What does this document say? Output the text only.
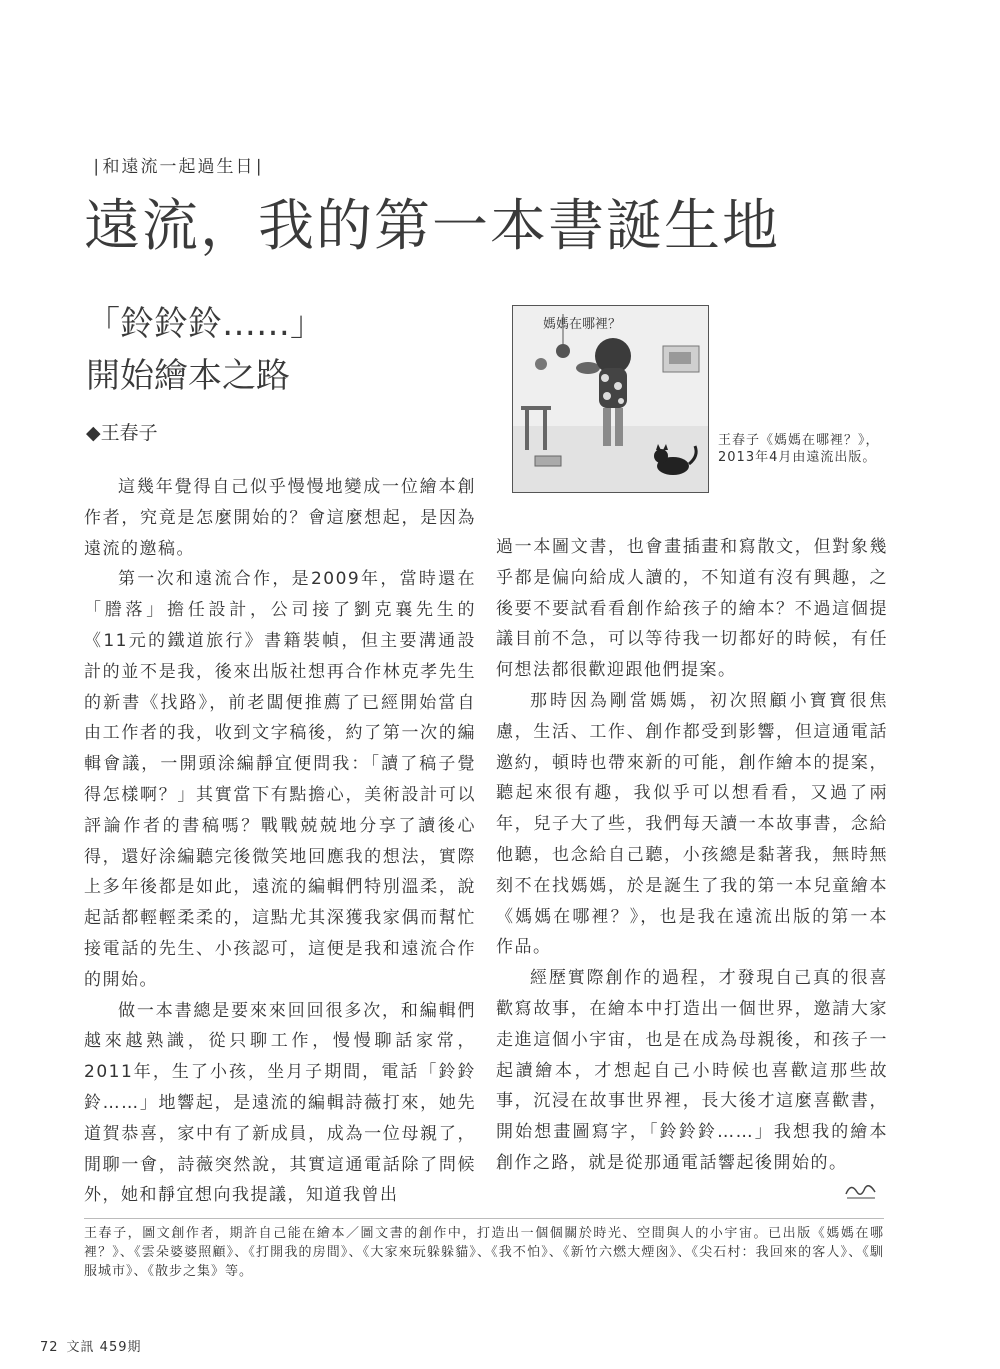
∣和遠流一起過生日∣
遠流，我的第一本書誕生地
「鈴鈴鈴……」
開始繪本之路
◆王春子
媽媽在哪裡？
王春子《媽媽在哪裡？》，2013年4月由遠流出版。

這幾年覺得自己似乎慢慢地變成一位繪本創作者，究竟是怎麼開始的？會這麼想起，是因為遠流的邀稿。

第一次和遠流合作，是2009年，當時還在「謄落」擔任設計，公司接了劉克襄先生的《11元的鐵道旅行》書籍裝幀，但主要溝通設計的並不是我，後來出版社想再合作林克孝先生的新書《找路》，前老闆便推薦了已經開始當自由工作者的我，收到文字稿後，約了第一次的編輯會議，一開頭涂編靜宜便問我：「讀了稿子覺得怎樣啊？」其實當下有點擔心，美術設計可以評論作者的書稿嗎？戰戰兢兢地分享了讀後心得，還好涂編聽完後微笑地回應我的想法，實際上多年後都是如此，遠流的編輯們特別溫柔，說起話都輕輕柔柔的，這點尤其深獲我家偶而幫忙接電話的先生、小孩認可，這便是我和遠流合作的開始。

做一本書總是要來來回回很多次，和編輯們越來越熟識，從只聊工作，慢慢聊話家常，2011年，生了小孩，坐月子期間，電話「鈴鈴鈴……」地響起，是遠流的編輯詩薇打來，她先道賀恭喜，家中有了新成員，成為一位母親了，閒聊一會，詩薇突然說，其實這通電話除了問候外，她和靜宜想向我提議，知道我曾出

過一本圖文書，也會畫插畫和寫散文，但對象幾乎都是偏向給成人讀的，不知道有沒有興趣，之後要不要試看看創作給孩子的繪本？不過這個提議目前不急，可以等待我一切都好的時候，有任何想法都很歡迎跟他們提案。

那時因為剛當媽媽，初次照顧小寶寶很焦慮，生活、工作、創作都受到影響，但這通電話邀約，頓時也帶來新的可能，創作繪本的提案，聽起來很有趣，我似乎可以想看看，又過了兩年，兒子大了些，我們每天讀一本故事書，念給他聽，也念給自己聽，小孩總是黏著我，無時無刻不在找媽媽，於是誕生了我的第一本兒童繪本《媽媽在哪裡？》，也是我在遠流出版的第一本作品。

經歷實際創作的過程，才發現自己真的很喜歡寫故事，在繪本中打造出一個世界，邀請大家走進這個小宇宙，也是在成為母親後，和孩子一起讀繪本，才想起自己小時候也喜歡這那些故事，沉浸在故事世界裡，長大後才這麼喜歡書，開始想畫圖寫字，「鈴鈴鈴……」我想我的繪本創作之路，就是從那通電話響起後開始的。

王春子，圖文創作者，期許自己能在繪本／圖文書的創作中，打造出一個個關於時光、空間與人的小宇宙。已出版《媽媽在哪裡？》、《雲朵婆婆照顧》、《打開我的房間》、《大家來玩躲躲貓》、《我不怕》、《新竹六燃大煙囪》、《尖石村：我回來的客人》、《馴服城市》、《散步之集》等。
72 文訊 459期
